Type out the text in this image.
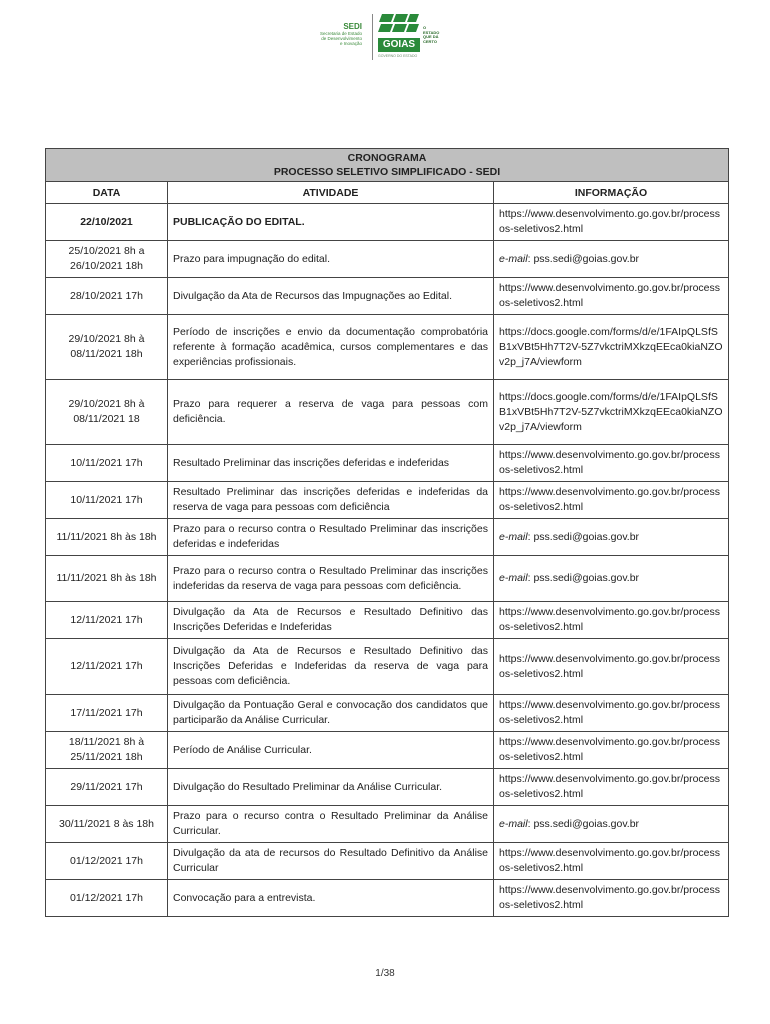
SEDI
Secretaria de Estado
de Desenvolvimento
e Inovação	GOIAS
O ESTADO QUE DÁ CERTO
GOVERNO DO ESTADO
CRONOGRAMA
PROCESSO SELETIVO SIMPLIFICADO - SEDI		

DATA	ATIVIDADE	INFORMAÇÃO
22/10/2021	PUBLICAÇÃO DO EDITAL.	https://www.desenvolvimento.go.gov.br/processos-seletivos2.html
25/10/2021 8h a 26/10/2021 18h	Prazo para impugnação do edital.	e-mail: pss.sedi@goias.gov.br
28/10/2021 17h	Divulgação da Ata de Recursos das Impugnações ao Edital.	https://www.desenvolvimento.go.gov.br/processos-seletivos2.html
29/10/2021 8h à 08/11/2021 18h	Período de inscrições e envio da documentação comprobatória referente à formação acadêmica, cursos complementares e das experiências profissionais.	https://docs.google.com/forms/d/e/1FAIpQLSfSB1xVBt5Hh7T2V-5Z7vkctriMXkzqEEca0kiaNZOv2p_j7A/viewform
29/10/2021 8h à 08/11/2021 18	Prazo para requerer a reserva de vaga para pessoas com deficiência.	https://docs.google.com/forms/d/e/1FAIpQLSfSB1xVBt5Hh7T2V-5Z7vkctriMXkzqEEca0kiaNZOv2p_j7A/viewform
10/11/2021 17h	Resultado Preliminar das inscrições deferidas e indeferidas	https://www.desenvolvimento.go.gov.br/processos-seletivos2.html
10/11/2021 17h	Resultado Preliminar das inscrições deferidas e indeferidas da reserva de vaga para pessoas com deficiência	https://www.desenvolvimento.go.gov.br/processos-seletivos2.html
11/11/2021 8h às 18h	Prazo para o recurso contra o Resultado Preliminar das inscrições deferidas e indeferidas	e-mail: pss.sedi@goias.gov.br
11/11/2021 8h às 18h	Prazo para o recurso contra o Resultado Preliminar das inscrições indeferidas da reserva de vaga para pessoas com deficiência.	e-mail: pss.sedi@goias.gov.br
12/11/2021 17h	Divulgação da Ata de Recursos e Resultado Definitivo das Inscrições Deferidas e Indeferidas	https://www.desenvolvimento.go.gov.br/processos-seletivos2.html
12/11/2021 17h	Divulgação da Ata de Recursos e Resultado Definitivo das Inscrições Deferidas e Indeferidas da reserva de vaga para pessoas com deficiência.	https://www.desenvolvimento.go.gov.br/processos-seletivos2.html
17/11/2021 17h	Divulgação da Pontuação Geral e convocação dos candidatos que participarão da Análise Curricular.	https://www.desenvolvimento.go.gov.br/processos-seletivos2.html
18/11/2021 8h à 25/11/2021 18h	Período de Análise Curricular.	https://www.desenvolvimento.go.gov.br/processos-seletivos2.html
29/11/2021 17h	Divulgação do Resultado Preliminar da Análise Curricular.	https://www.desenvolvimento.go.gov.br/processos-seletivos2.html
30/11/2021 8 às 18h	Prazo para o recurso contra o Resultado Preliminar da Análise Curricular.	e-mail: pss.sedi@goias.gov.br
01/12/2021 17h	Divulgação da ata de recursos do Resultado Definitivo da Análise Curricular	https://www.desenvolvimento.go.gov.br/processos-seletivos2.html
01/12/2021 17h	Convocação para a entrevista.	https://www.desenvolvimento.go.gov.br/processos-seletivos2.html
1/38
